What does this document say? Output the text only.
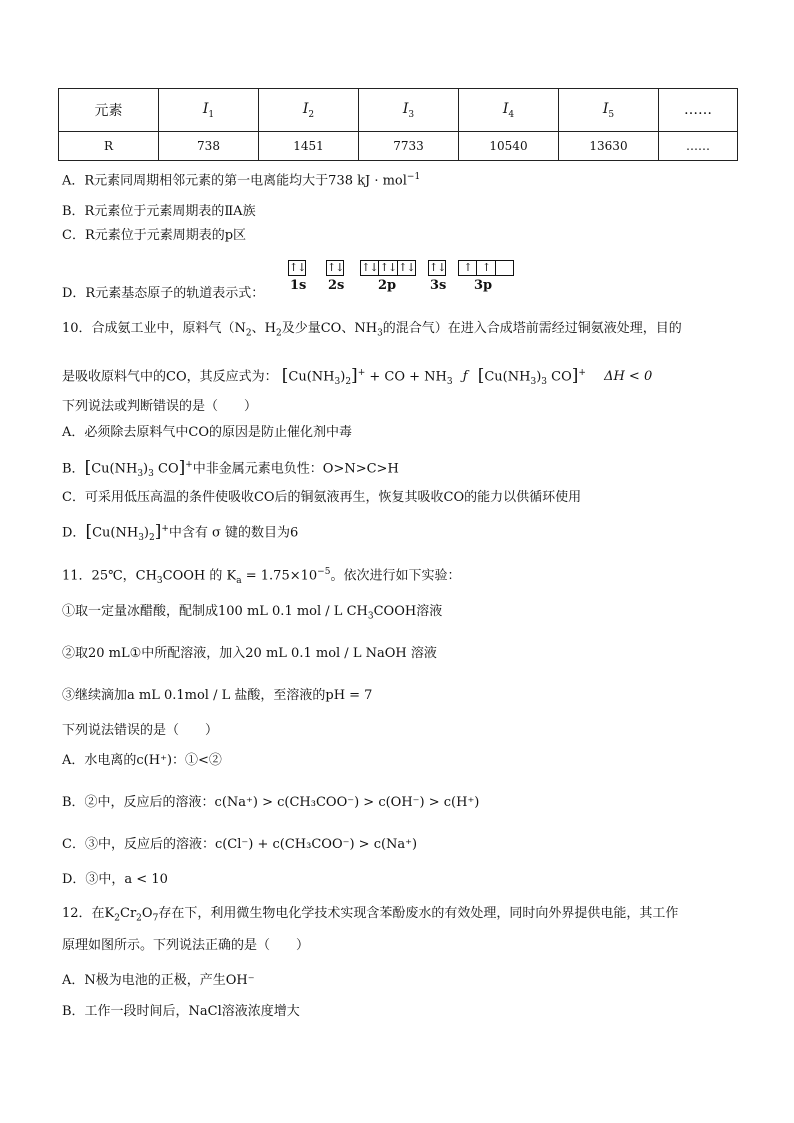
元素	$I_1$	$I_2$	$I_3$	$I_4$	$I_5$	……
R	738	1451	7733	10540	13630	……
A．R元素同周期相邻元素的第一电离能均大于738 kJ · mol$^{-1}$
B．R元素位于元素周期表的ⅡA族
C．R元素位于元素周期表的p区
D．R元素基态原子的轨道表示式：
↑↓
1s
↑↓
2s
↑↓ ↑↓ ↑↓
2p
↑↓
3s
↑ ↑
3p
10．合成氨工业中，原料气（$N_2$、$H_2$及少量CO、$NH_3$的混合气）在进入合成塔前需经过铜氨液处理，目的
是吸收原料气中的CO，其反应式为： $[Cu(NH_3)_2]^+$ + CO + $NH_3$ ƒ [$Cu(NH_3)_3$ CO]+ ΔH < 0
下列说法或判断错误的是（　　）
A．必须除去原料气中CO的原因是防止催化剂中毒
B．[$Cu(NH_3)_3$ CO]+中非金属元素电负性：O>N>C>H
C．可采用低压高温的条件使吸收CO后的铜氨液再生，恢复其吸收CO的能力以供循环使用
D．$[Cu(NH_3)_2]^+$中含有 σ 键的数目为6
11．25℃，$CH_3COOH$ 的 $K_a = 1.75\times 10^{-5}$。依次进行如下实验：
①取一定量冰醋酸，配制成100 mL 0.1 mol / L $CH_3COOH$溶液
②取20 mL①中所配溶液，加入20 mL 0.1 mol / L NaOH 溶液
③继续滴加a mL 0.1mol / L 盐酸，至溶液的pH = 7
下列说法错误的是（　　）
A．水电离的c(H⁺)：①<②
B．②中，反应后的溶液：c(Na⁺) > c(CH₃COO⁻) > c(OH⁻) > c(H⁺)
C．③中，反应后的溶液：c(Cl⁻) + c(CH₃COO⁻) > c(Na⁺)
D．③中，a < 10
12．在$K_2Cr_2O_7$存在下，利用微生物电化学技术实现含苯酚废水的有效处理，同时向外界提供电能，其工作
原理如图所示。下列说法正确的是（　　）
A．N极为电池的正极，产生OH⁻
B．工作一段时间后，NaCl溶液浓度增大
